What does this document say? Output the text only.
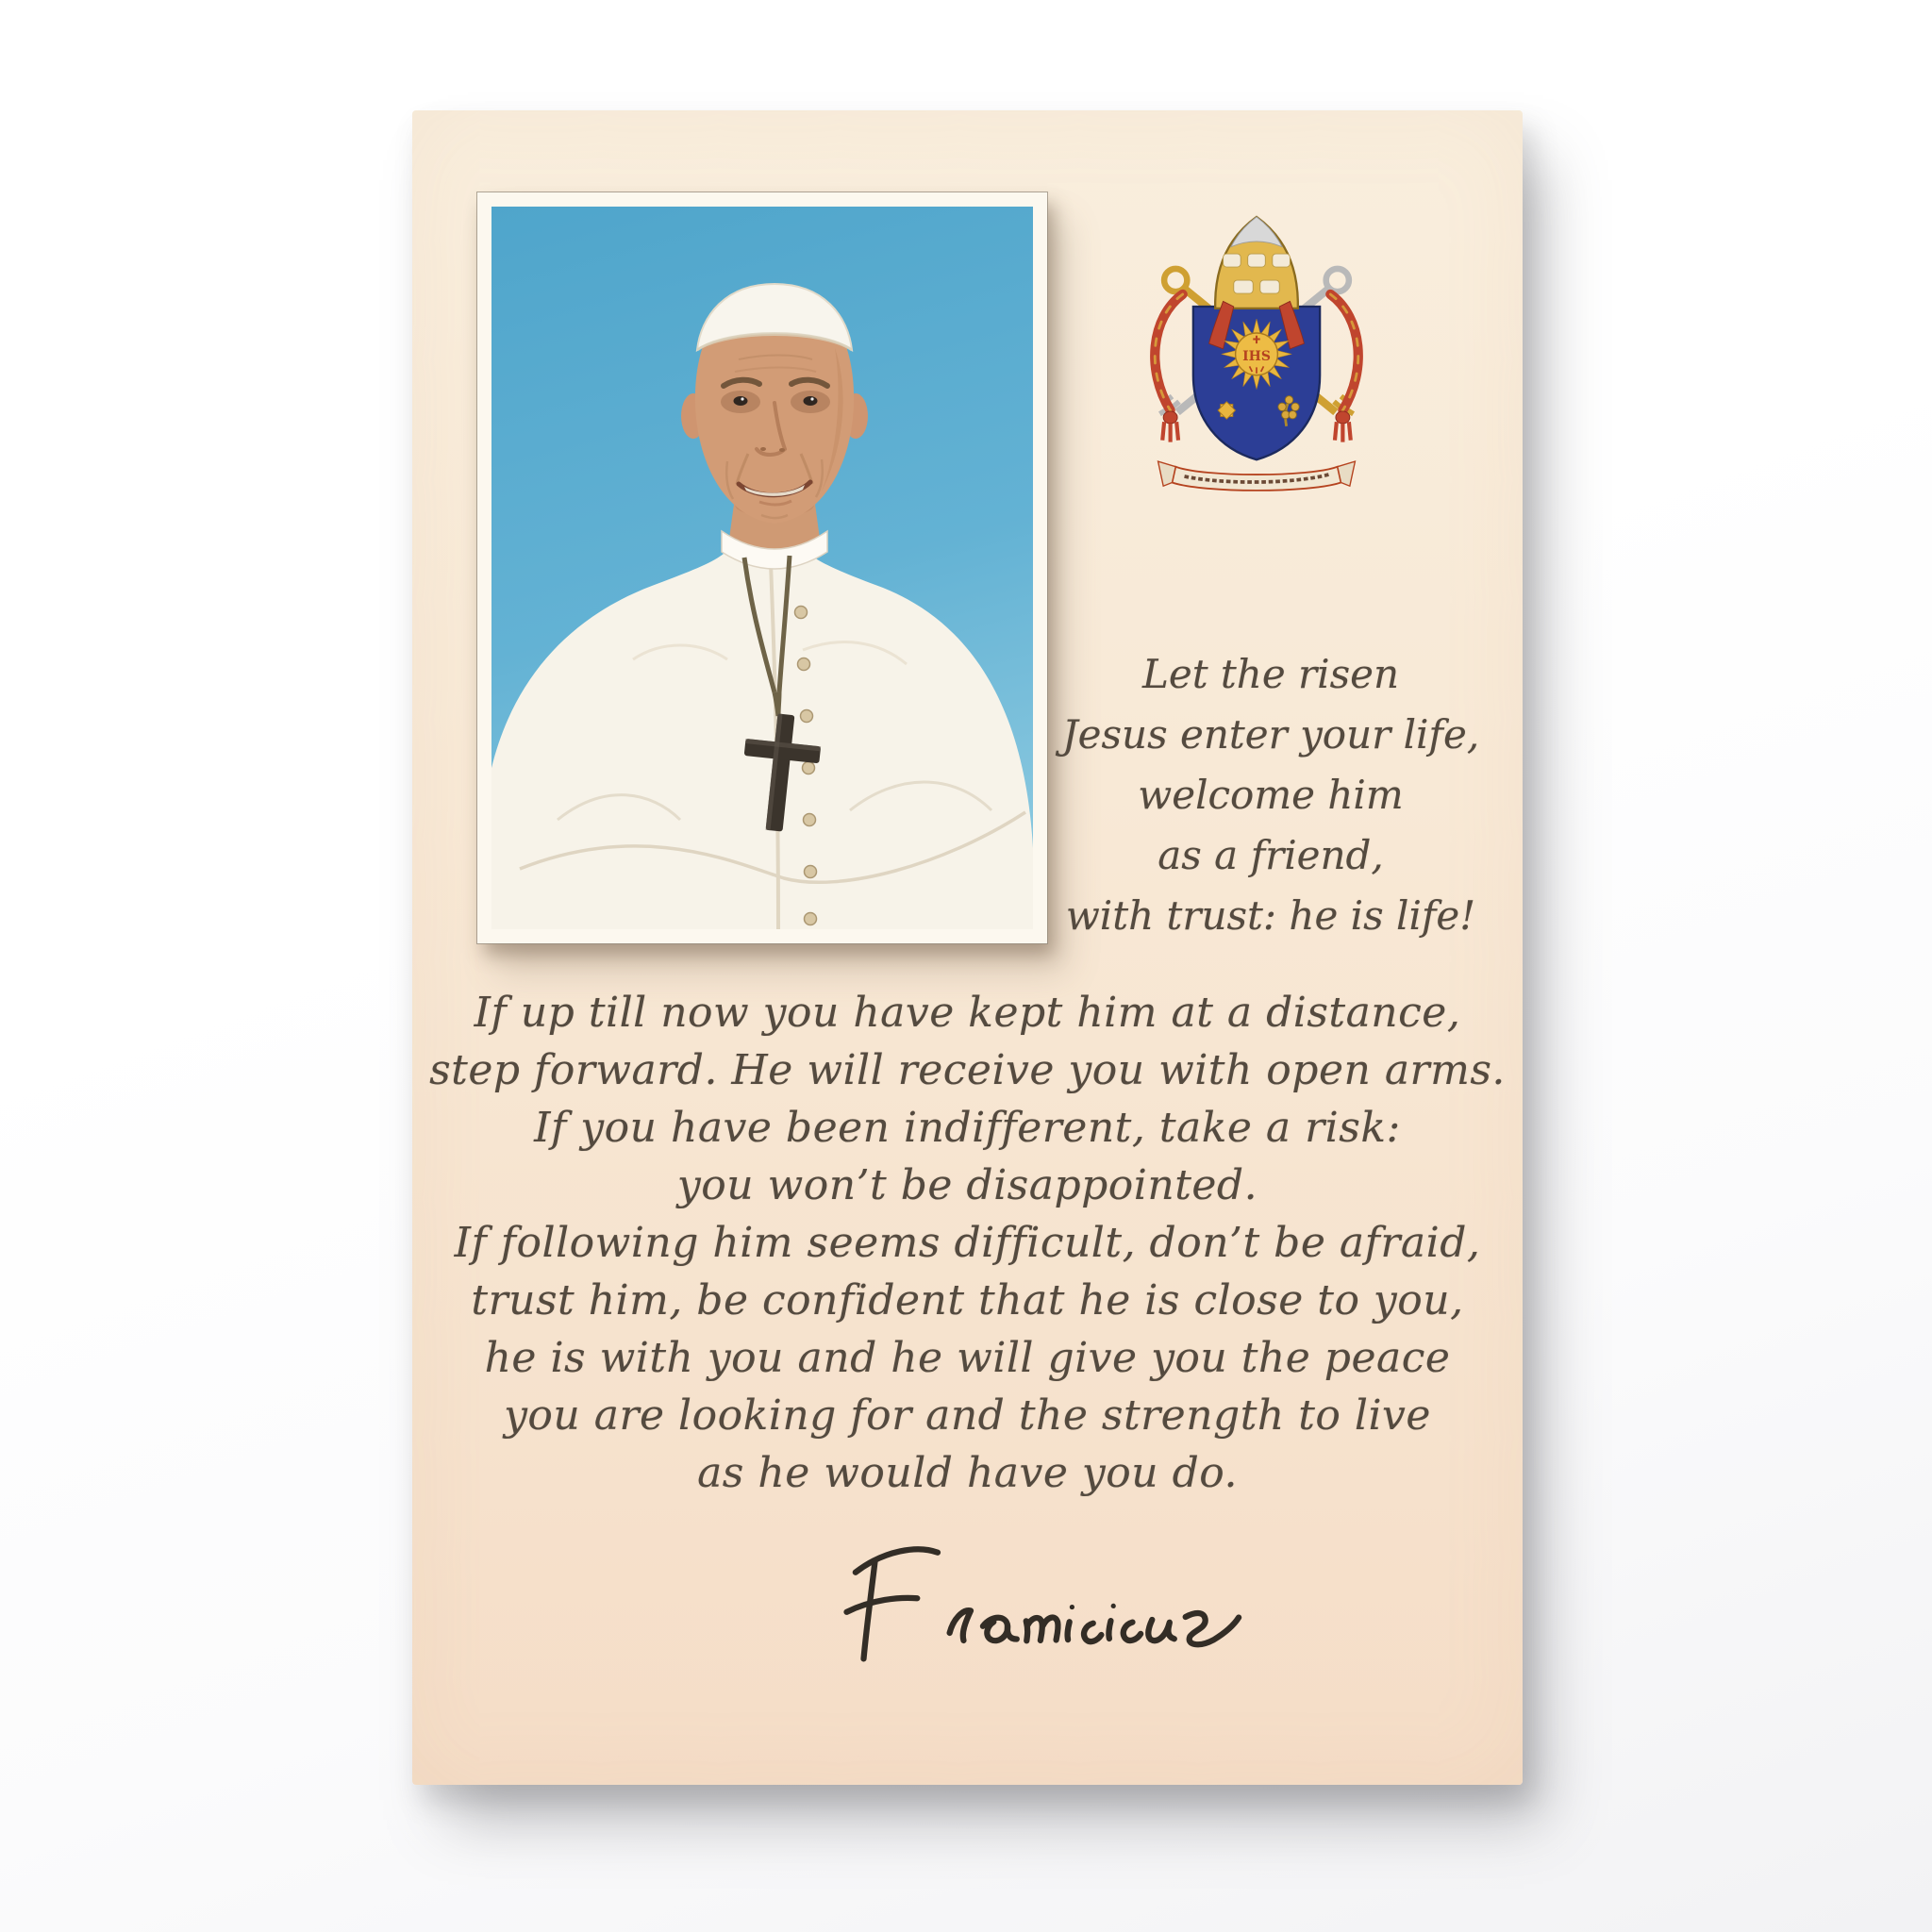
IHS
Let the risen
Jesus enter your life,
welcome him
as a friend,
with trust: he is life!
If up till now you have kept him at a distance,
step forward. He will receive you with open arms.
If you have been indifferent, take a risk:
you won’t be disappointed.
If following him seems difficult, don’t be afraid,
trust him, be confident that he is close to you,
he is with you and he will give you the peace
you are looking for and the strength to live
as he would have you do.
